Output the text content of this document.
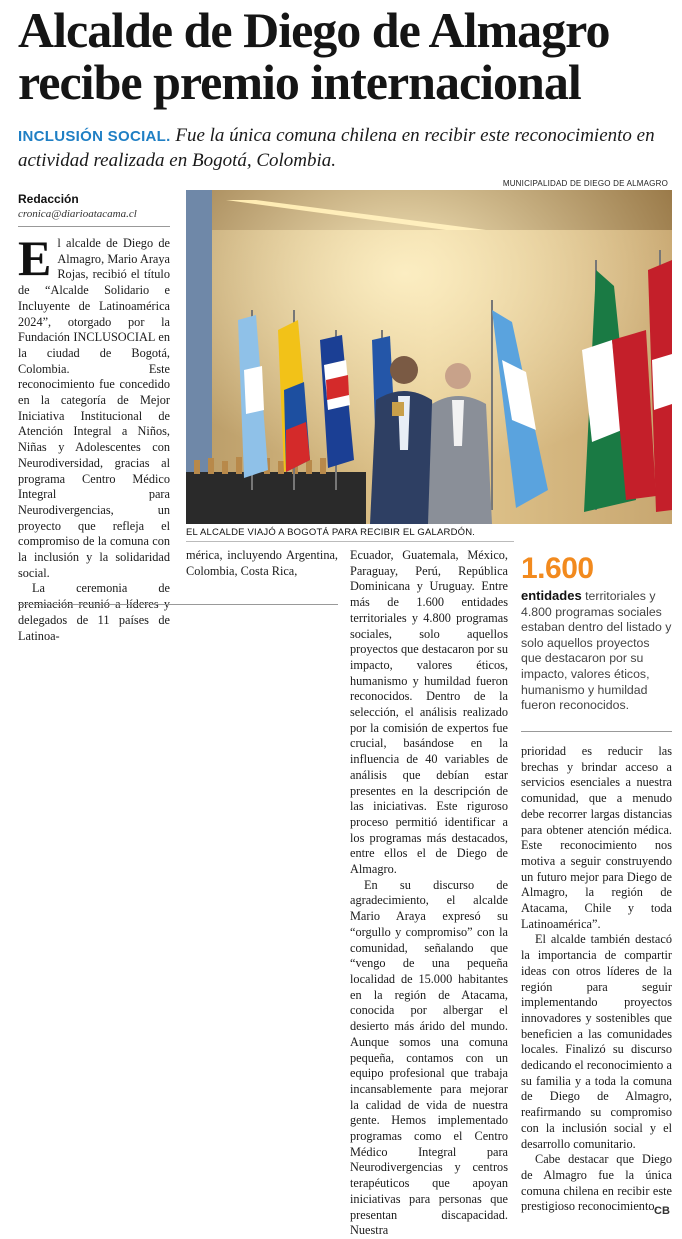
Alcalde de Diego de Almagro recibe premio internacional
INCLUSIÓN SOCIAL. Fue la única comuna chilena en recibir este reconocimiento en actividad realizada en Bogotá, Colombia.
Redacción
cronica@diarioatacama.cl
MUNICIPALIDAD DE DIEGO DE ALMAGRO
EL ALCALDE VIAJÓ A BOGOTÁ PARA RECIBIR EL GALARDÓN.

El alcalde de Diego de Almagro, Mario Araya Rojas, recibió el título de “Alcalde Solidario e Incluyente de Latinoamérica 2024”, otorgado por la Fundación INCLUSOCIAL en la ciudad de Bogotá, Colombia. Este reconocimiento fue concedido en la categoría de Mejor Iniciativa Institucional de Atención Integral a Niños, Niñas y Adolescentes con Neurodiversidad, gracias al programa Centro Médico Integral para Neurodivergencias, un proyecto que refleja el compromiso de la comuna con la inclusión y la solidaridad social.

La ceremonia de premiación reunió a líderes y delegados de 11 países de Latinoa-

mérica, incluyendo Argentina, Colombia, Costa Rica,

Ecuador, Guatemala, México, Paraguay, Perú, República Dominicana y Uruguay. Entre más de 1.600 entidades territoriales y 4.800 programas sociales, solo aquellos proyectos que destacaron por su impacto, valores éticos, humanismo y humildad fueron reconocidos. Dentro de la selección, el análisis realizado por la comisión de expertos fue crucial, basándose en la influencia de 40 variables de análisis que debían estar presentes en la descripción de las iniciativas. Este riguroso proceso permitió identificar a los programas más destacados, entre ellos el de Diego de Almagro.

En su discurso de agradecimiento, el alcalde Mario Araya expresó su “orgullo y compromiso” con la comunidad, señalando que “vengo de una pequeña localidad de 15.000 habitantes en la región de Atacama, conocida por albergar el desierto más árido del mundo. Aunque somos una comuna pequeña, contamos con un equipo profesional que trabaja incansablemente para mejorar la calidad de vida de nuestra gente. Hemos implementado programas como el Centro Médico Integral para Neurodivergencias y centros terapéuticos que apoyan iniciativas para personas que presentan discapacidad. Nuestra

1.600
entidades territoriales y 4.800 programas sociales estaban dentro del listado y solo aquellos proyectos que destacaron por su impacto, valores éticos, humanismo y humildad fueron reconocidos.

prioridad es reducir las brechas y brindar acceso a servicios esenciales a nuestra comunidad, que a menudo debe recorrer largas distancias para obtener atención médica. Este reconocimiento nos motiva a seguir construyendo un futuro mejor para Diego de Almagro, la región de Atacama, Chile y toda Latinoamérica”.

El alcalde también destacó la importancia de compartir ideas con otros líderes de la región para seguir implementando proyectos innovadores y sostenibles que beneficien a las comunidades locales. Finalizó su discurso dedicando el reconocimiento a su familia y a toda la comuna de Diego de Almagro, reafirmando su compromiso con la inclusión social y el desarrollo comunitario.

Cabe destacar que Diego de Almagro fue la única comuna chilena en recibir este prestigioso reconocimiento.

CB
